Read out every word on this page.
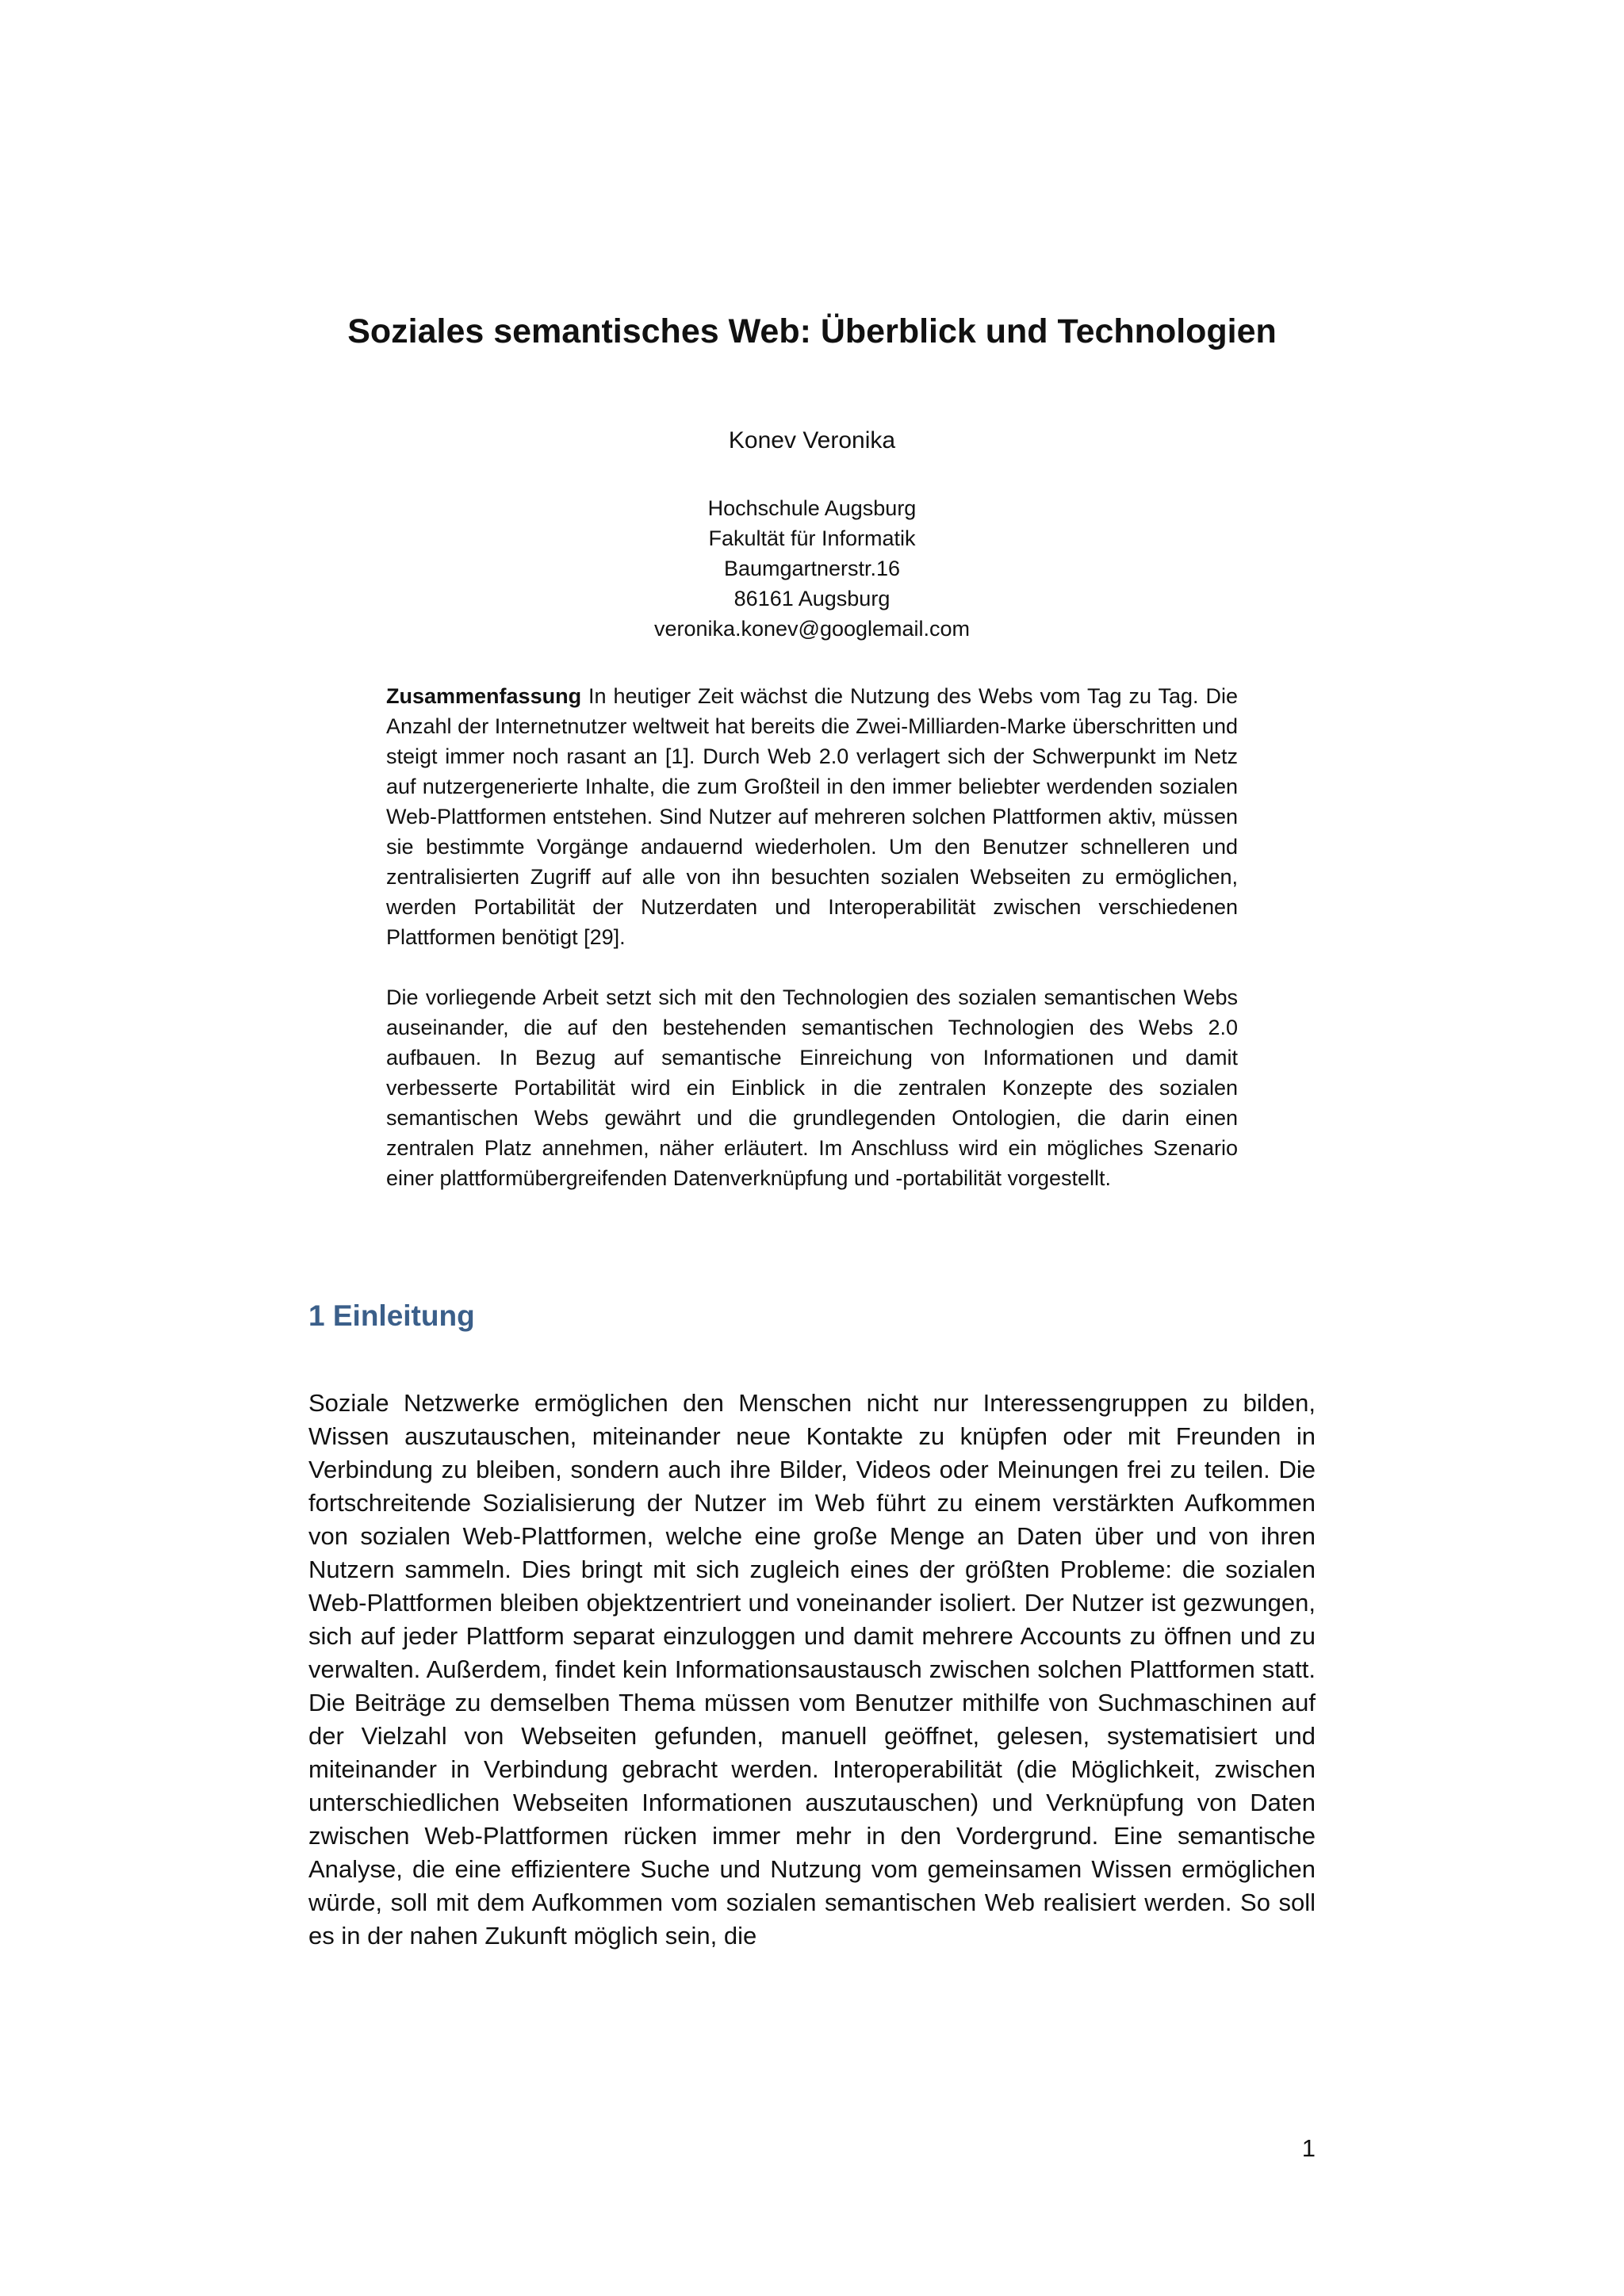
Soziales semantisches Web: Überblick und Technologien
Konev Veronika
Hochschule Augsburg
Fakultät für Informatik
Baumgartnerstr.16
86161 Augsburg
veronika.konev@googlemail.com

Zusammenfassung In heutiger Zeit wächst die Nutzung des Webs vom Tag zu Tag. Die Anzahl der Internetnutzer weltweit hat bereits die Zwei-Milliarden-Marke überschritten und steigt immer noch rasant an [1]. Durch Web 2.0 verlagert sich der Schwerpunkt im Netz auf nutzergenerierte Inhalte, die zum Großteil in den immer beliebter werdenden sozialen Web-Plattformen entstehen. Sind Nutzer auf mehreren solchen Plattformen aktiv, müssen sie bestimmte Vorgänge andauernd wiederholen. Um den Benutzer schnelleren und zentralisierten Zugriff auf alle von ihn besuchten sozialen Webseiten zu ermöglichen, werden Portabilität der Nutzerdaten und Interoperabilität zwischen verschiedenen Plattformen benötigt [29].

Die vorliegende Arbeit setzt sich mit den Technologien des sozialen semantischen Webs auseinander, die auf den bestehenden semantischen Technologien des Webs 2.0 aufbauen. In Bezug auf semantische Einreichung von Informationen und damit verbesserte Portabilität wird ein Einblick in die zentralen Konzepte des sozialen semantischen Webs gewährt und die grundlegenden Ontologien, die darin einen zentralen Platz annehmen, näher erläutert. Im Anschluss wird ein mögliches Szenario einer plattformübergreifenden Datenverknüpfung und -portabilität vorgestellt.

1 Einleitung

Soziale Netzwerke ermöglichen den Menschen nicht nur Interessengruppen zu bilden, Wissen auszutauschen, miteinander neue Kontakte zu knüpfen oder mit Freunden in Verbindung zu bleiben, sondern auch ihre Bilder, Videos oder Meinungen frei zu teilen. Die fortschreitende Sozialisierung der Nutzer im Web führt zu einem verstärkten Aufkommen von sozialen Web-Plattformen, welche eine große Menge an Daten über und von ihren Nutzern sammeln. Dies bringt mit sich zugleich eines der größten Probleme: die sozialen Web-Plattformen bleiben objektzentriert und voneinander isoliert. Der Nutzer ist gezwungen, sich auf jeder Plattform separat einzuloggen und damit mehrere Accounts zu öffnen und zu verwalten. Außerdem, findet kein Informationsaustausch zwischen solchen Plattformen statt. Die Beiträge zu demselben Thema müssen vom Benutzer mithilfe von Suchmaschinen auf der Vielzahl von Webseiten gefunden, manuell geöffnet, gelesen, systematisiert und miteinander in Verbindung gebracht werden. Interoperabilität (die Möglichkeit, zwischen unterschiedlichen Webseiten Informationen auszutauschen) und Verknüpfung von Daten zwischen Web-Plattformen rücken immer mehr in den Vordergrund. Eine semantische Analyse, die eine effizientere Suche und Nutzung vom gemeinsamen Wissen ermöglichen würde, soll mit dem Aufkommen vom sozialen semantischen Web realisiert werden. So soll es in der nahen Zukunft möglich sein, die

1
